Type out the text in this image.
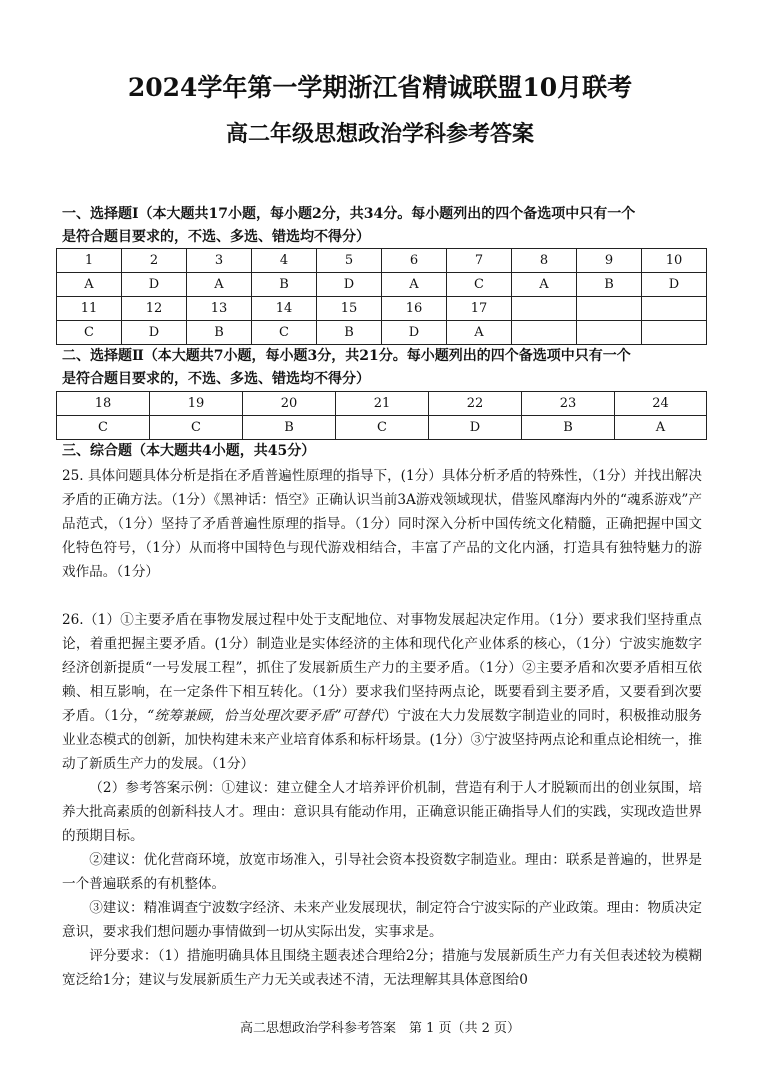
2024学年第一学期浙江省精诚联盟10月联考
高二年级思想政治学科参考答案
一、选择题Ⅰ（本大题共17小题，每小题2分，共34分。每小题列出的四个备选项中只有一个
是符合题目要求的，不选、多选、错选均不得分）
1	2	3	4	5	6	7	8	9	10
A	D	A	B	D	A	C	A	B	D
11	12	13	14	15	16	17			
C	D	B	C	B	D	A			
二、选择题Ⅱ（本大题共7小题，每小题3分，共21分。每小题列出的四个备选项中只有一个
是符合题目要求的，不选、多选、错选均不得分）
18	19	20	21	22	23	24
C	C	B	C	D	B	A
三、综合题（本大题共4小题，共45分）

25. 具体问题具体分析是指在矛盾普遍性原理的指导下，(1分）具体分析矛盾的特殊性，（1分）并找出解决矛盾的正确方法。（1分）《黑神话：悟空》正确认识当前3A游戏领域现状，借鉴风靡海内外的“魂系游戏”产品范式，（1分）坚持了矛盾普遍性原理的指导。（1分）同时深入分析中国传统文化精髓，正确把握中国文化特色符号，（1分）从而将中国特色与现代游戏相结合，丰富了产品的文化内涵，打造具有独特魅力的游戏作品。（1分）

26.（1）①主要矛盾在事物发展过程中处于支配地位、对事物发展起决定作用。（1分）要求我们坚持重点论，着重把握主要矛盾。(1分）制造业是实体经济的主体和现代化产业体系的核心，（1分）宁波实施数字经济创新提质“一号发展工程”，抓住了发展新质生产力的主要矛盾。（1分）②主要矛盾和次要矛盾相互依赖、相互影响，在一定条件下相互转化。（1分）要求我们坚持两点论，既要看到主要矛盾，又要看到次要矛盾。（1分，“统筹兼顾，恰当处理次要矛盾”可替代）宁波在大力发展数字制造业的同时，积极推动服务业业态模式的创新，加快构建未来产业培育体系和标杆场景。(1分）③宁波坚持两点论和重点论相统一，推动了新质生产力的发展。（1分）

（2）参考答案示例：①建议：建立健全人才培养评价机制，营造有利于人才脱颖而出的创业氛围，培养大批高素质的创新科技人才。理由：意识具有能动作用，正确意识能正确指导人们的实践，实现改造世界的预期目标。

②建议：优化营商环境，放宽市场准入，引导社会资本投资数字制造业。理由：联系是普遍的，世界是一个普遍联系的有机整体。

③建议：精准调查宁波数字经济、未来产业发展现状，制定符合宁波实际的产业政策。理由：物质决定意识，要求我们想问题办事情做到一切从实际出发，实事求是。

评分要求：（1）措施明确具体且围绕主题表述合理给2分；措施与发展新质生产力有关但表述较为模糊宽泛给1分；建议与发展新质生产力无关或表述不清，无法理解其具体意图给0

高二思想政治学科参考答案　第 1 页（共 2 页）
